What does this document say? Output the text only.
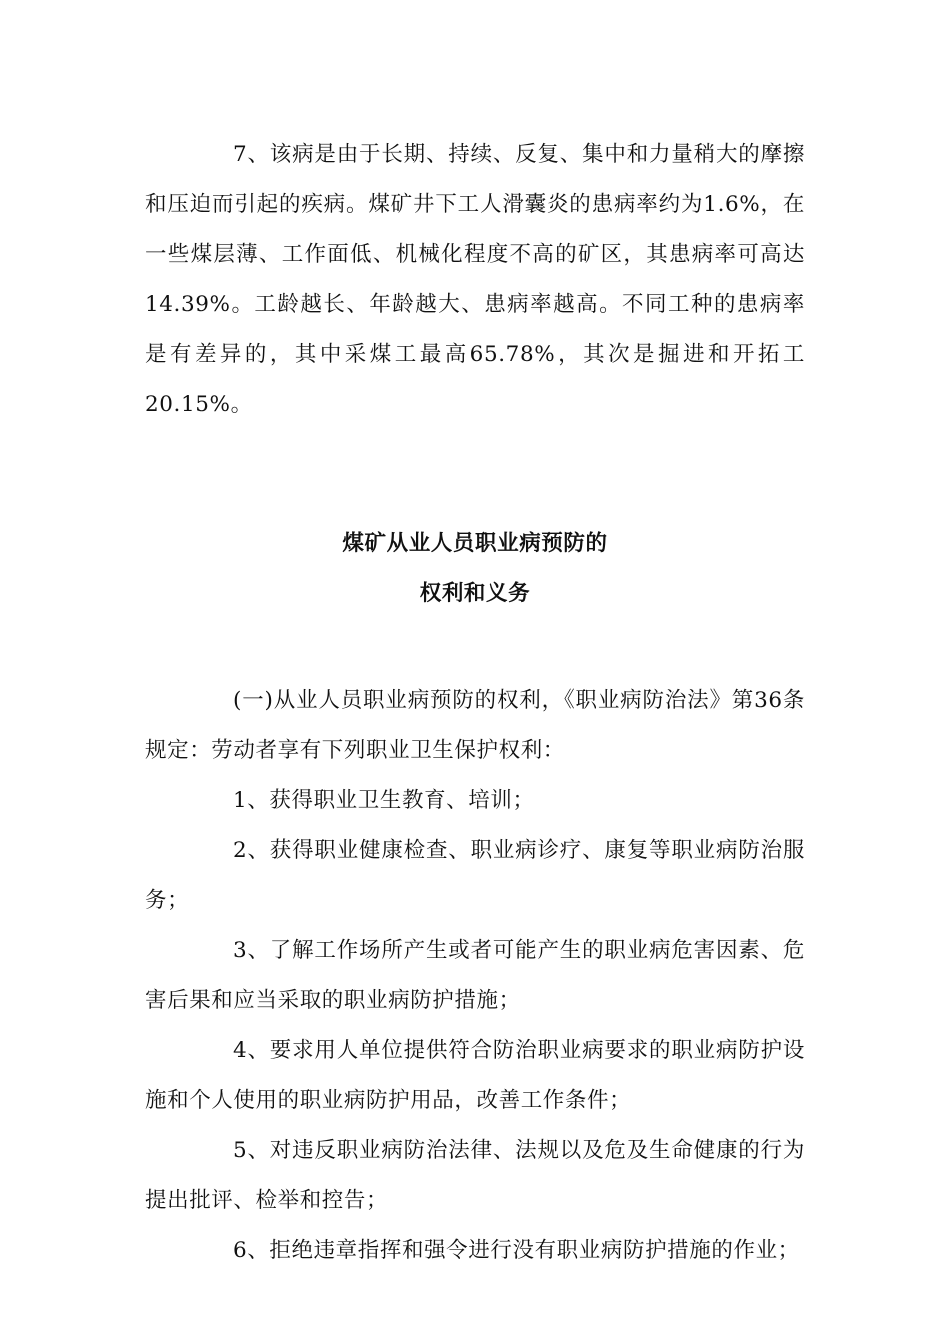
7、该病是由于长期、持续、反复、集中和力量稍大的摩擦和压迫而引起的疾病。煤矿井下工人滑囊炎的患病率约为1.6%，在一些煤层薄、工作面低、机械化程度不高的矿区，其患病率可高达14.39%。工龄越长、年龄越大、患病率越高。不同工种的患病率是有差异的，其中采煤工最高65.78%，其次是掘进和开拓工20.15%。

煤矿从业人员职业病预防的
权利和义务

(一)从业人员职业病预防的权利，《职业病防治法》第36条规定：劳动者享有下列职业卫生保护权利：

1、获得职业卫生教育、培训；

2、获得职业健康检查、职业病诊疗、康复等职业病防治服务；

3、了解工作场所产生或者可能产生的职业病危害因素、危害后果和应当采取的职业病防护措施；

4、要求用人单位提供符合防治职业病要求的职业病防护设施和个人使用的职业病防护用品，改善工作条件；

5、对违反职业病防治法律、法规以及危及生命健康的行为提出批评、检举和控告；

6、拒绝违章指挥和强令进行没有职业病防护措施的作业；
